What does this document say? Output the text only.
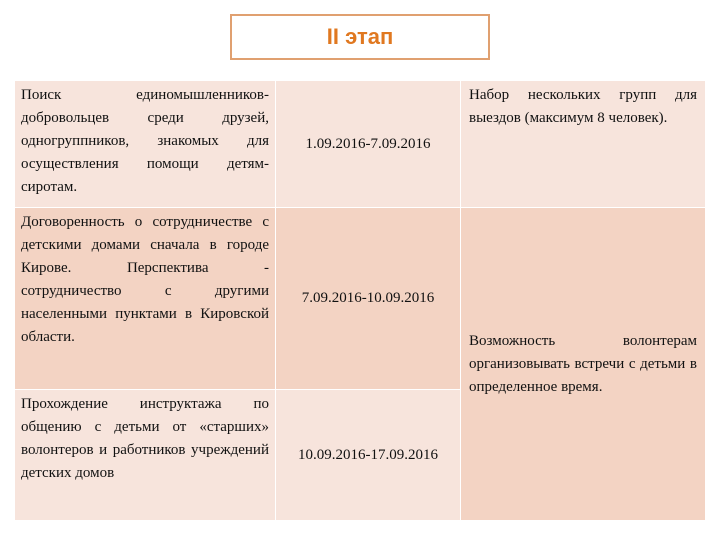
II этап
Поиск единомышленников-добровольцев среди друзей, одногруппников, знакомых для осуществления помощи детям-сиротам.	1.09.2016-7.09.2016	Набор нескольких групп для выездов (максимум 8 человек).
Договоренность о сотрудничестве с детскими домами сначала в городе Кирове. Перспектива - сотрудничество с другими населенными пунктами в Кировской области.	7.09.2016-10.09.2016	Возможность волонтерам организовывать встречи с детьми в определенное время.
Прохождение инструктажа по общению с детьми от «старших» волонтеров и работников учреждений детских домов	10.09.2016-17.09.2016	
